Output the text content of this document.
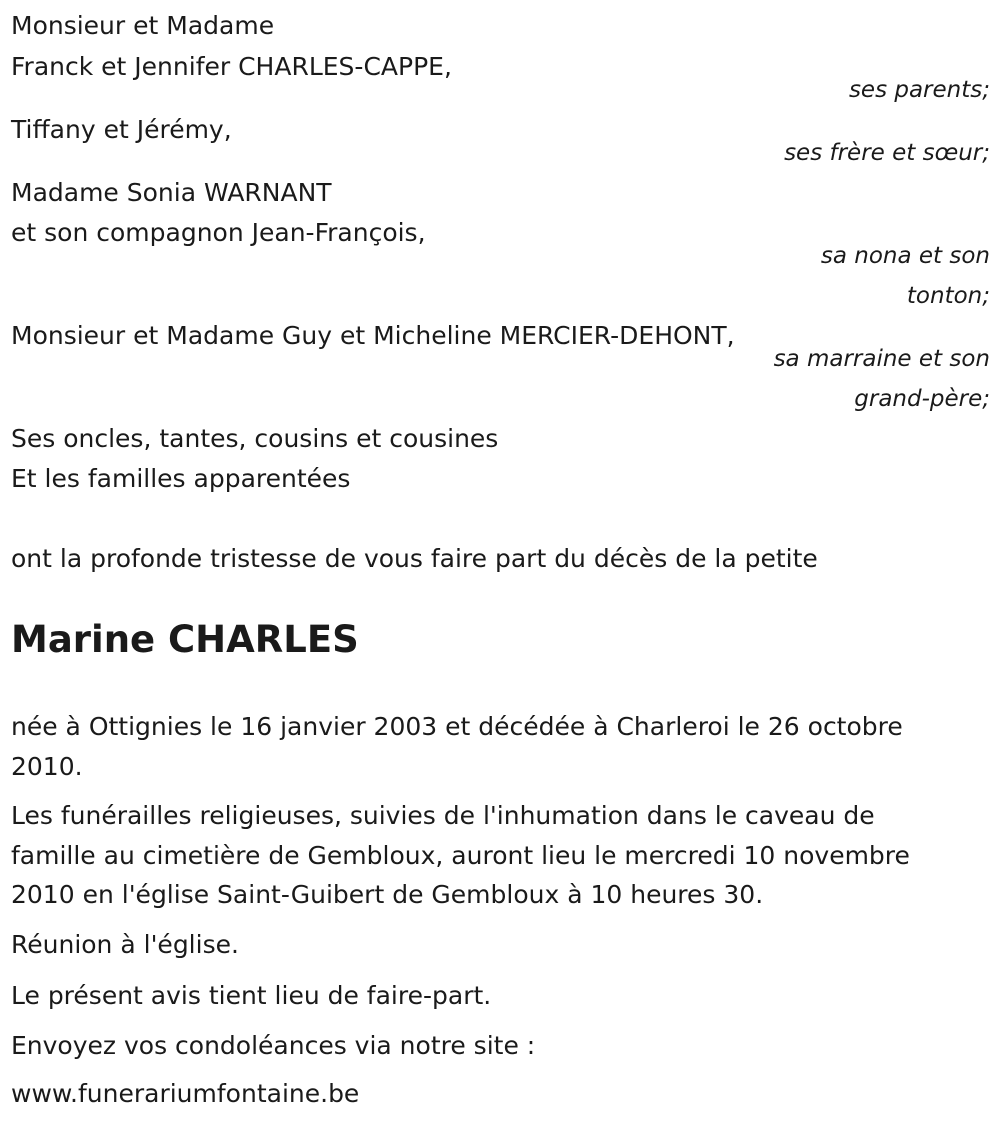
Monsieur et Madame
Franck et Jennifer CHARLES-CAPPE,
ses parents;
Tiffany et Jérémy,
ses frère et sœur;
Madame Sonia WARNANT
et son compagnon Jean-François,
sa nona et son
tonton;
Monsieur et Madame Guy et Micheline MERCIER-DEHONT,
sa marraine et son
grand-père;
Ses oncles, tantes, cousins et cousines
Et les familles apparentées
ont la profonde tristesse de vous faire part du décès de la petite
Marine CHARLES
née à Ottignies le 16 janvier 2003 et décédée à Charleroi le 26 octobre
2010.
Les funérailles religieuses, suivies de l'inhumation dans le caveau de
famille au cimetière de Gembloux, auront lieu le mercredi 10 novembre
2010 en l'église Saint-Guibert de Gembloux à 10 heures 30.
Réunion à l'église.
Le présent avis tient lieu de faire-part.
Envoyez vos condoléances via notre site :
www.funerariumfontaine.be
